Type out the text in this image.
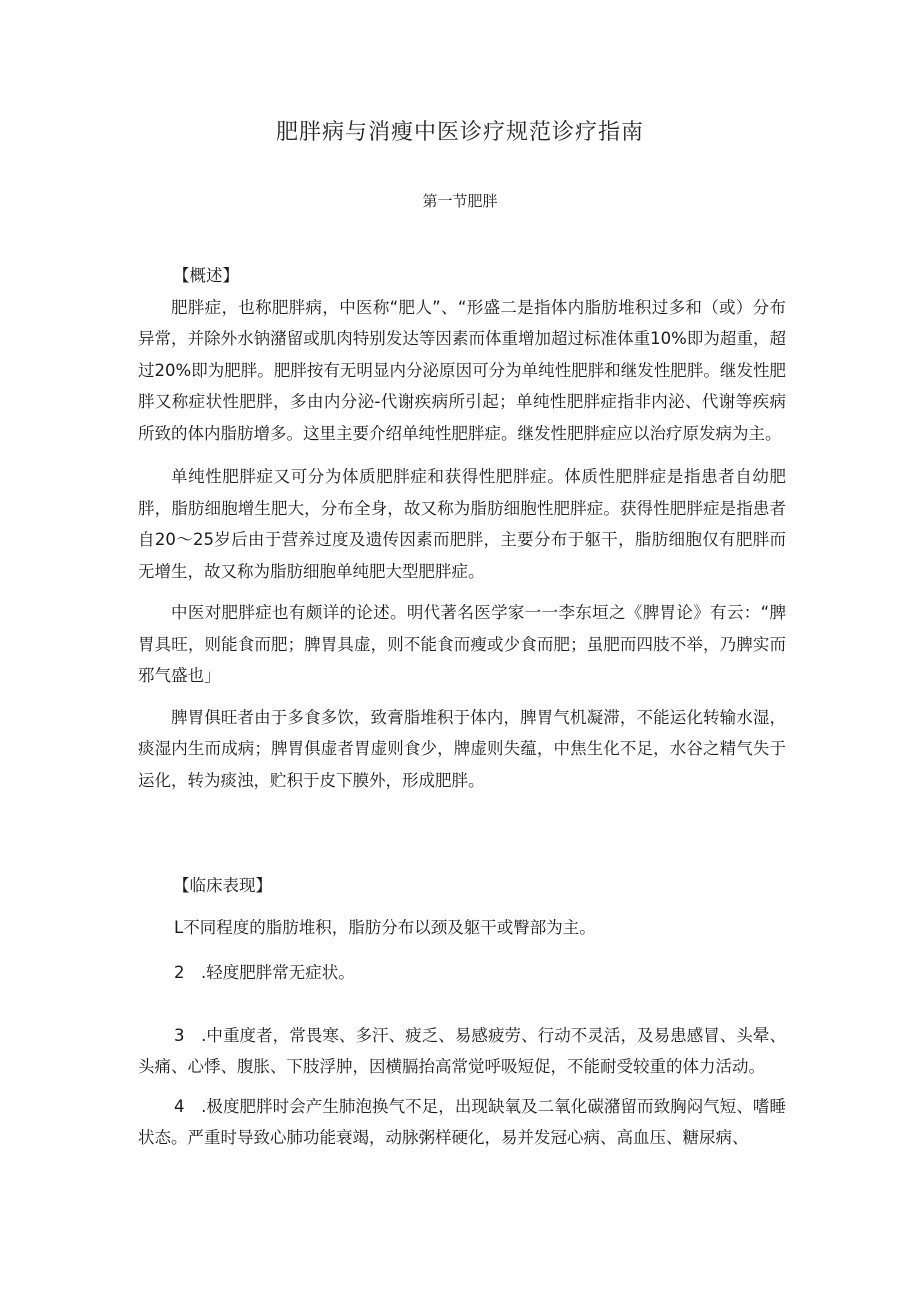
肥胖病与消瘦中医诊疗规范诊疗指南
第一节肥胖

【概述】

肥胖症，也称肥胖病，中医称“肥人”、“形盛二是指体内脂肪堆积过多和（或）分布异常，并除外水钠潴留或肌肉特别发达等因素而体重增加超过标准体重10%即为超重，超过20%即为肥胖。肥胖按有无明显内分泌原因可分为单纯性肥胖和继发性肥胖。继发性肥胖又称症状性肥胖，多由内分泌-代谢疾病所引起；单纯性肥胖症指非内泌、代谢等疾病所致的体内脂肪增多。这里主要介绍单纯性肥胖症。继发性肥胖症应以治疗原发病为主。

单纯性肥胖症又可分为体质肥胖症和获得性肥胖症。体质性肥胖症是指患者自幼肥胖，脂肪细胞增生肥大，分布全身，故又称为脂肪细胞性肥胖症。获得性肥胖症是指患者自20～25岁后由于营养过度及遗传因素而肥胖，主要分布于躯干，脂肪细胞仅有肥胖而无增生，故又称为脂肪细胞单纯肥大型肥胖症。

中医对肥胖症也有颇详的论述。明代著名医学家一一李东垣之《脾胃论》有云：“脾胃具旺，则能食而肥；脾胃具虚，则不能食而瘦或少食而肥；虽肥而四肢不举，乃脾实而邪气盛也」

脾胃俱旺者由于多食多饮，致膏脂堆积于体内，脾胃气机凝滞，不能运化转输水湿，痰湿内生而成病；脾胃俱虚者胃虚则食少，牌虚则失蕴，中焦生化不足，水谷之精气失于运化，转为痰浊，贮积于皮下膜外，形成肥胖。

【临床表现】

L不同程度的脂肪堆积，脂肪分布以颈及躯干或臀部为主。

2　.轻度肥胖常无症状。

3　.中重度者，常畏寒、多汗、疲乏、易感疲劳、行动不灵活，及易患感冒、头晕、头痛、心悸、腹胀、下肢浮肿，因横膈抬高常觉呼吸短促，不能耐受较重的体力活动。

4　.极度肥胖时会产生肺泡换气不足，出现缺氧及二氧化碳潴留而致胸闷气短、嗜睡状态。严重时导致心肺功能衰竭，动脉粥样硬化，易并发冠心病、高血压、糖尿病、
